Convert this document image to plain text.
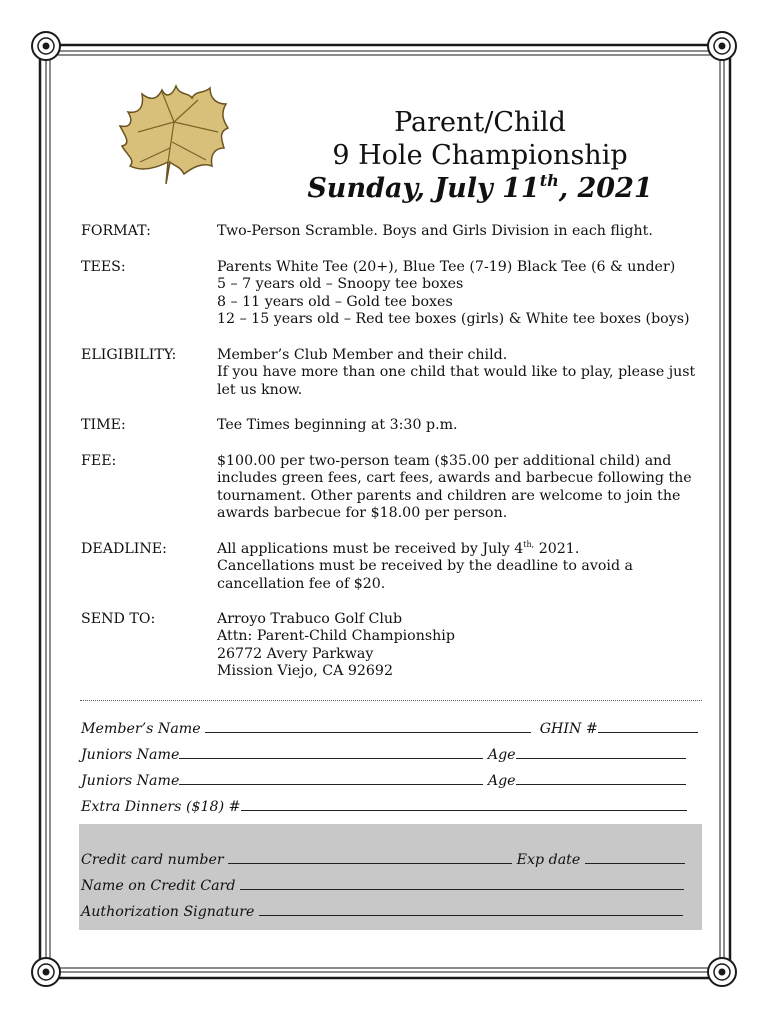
Parent/Child
9 Hole Championship
Sunday, July 11th, 2021
FORMAT:	Two-Person Scramble. Boys and Girls Division in each flight.
TEES:	Parents White Tee (20+), Blue Tee (7-19) Black Tee (6 & under)
5 – 7 years old – Snoopy tee boxes
8 – 11 years old – Gold tee boxes
12 – 15 years old – Red tee boxes (girls) & White tee boxes (boys)
ELIGIBILITY:	Member’s Club Member and their child.
If you have more than one child that would like to play, please just let us know.
TIME:	Tee Times beginning at 3:30 p.m.
FEE:	$100.00 per two-person team ($35.00 per additional child) and includes green fees, cart fees, awards and barbecue following the tournament. Other parents and children are welcome to join the awards barbecue for $18.00 per person.
DEADLINE:	All applications must be received by July $4^{th,}$ 2021.
Cancellations must be received by the deadline to avoid a cancellation fee of $20.
SEND TO:	Arroyo Trabuco Golf Club
Attn: Parent-Child Championship
26772 Avery Parkway
Mission Viejo, CA 92692
Member’s Name	GHIN #
Juniors Name	Age
Juniors Name	Age
Extra Dinners ($18) #
Credit card number	Exp date
Name on Credit Card
Authorization Signature
